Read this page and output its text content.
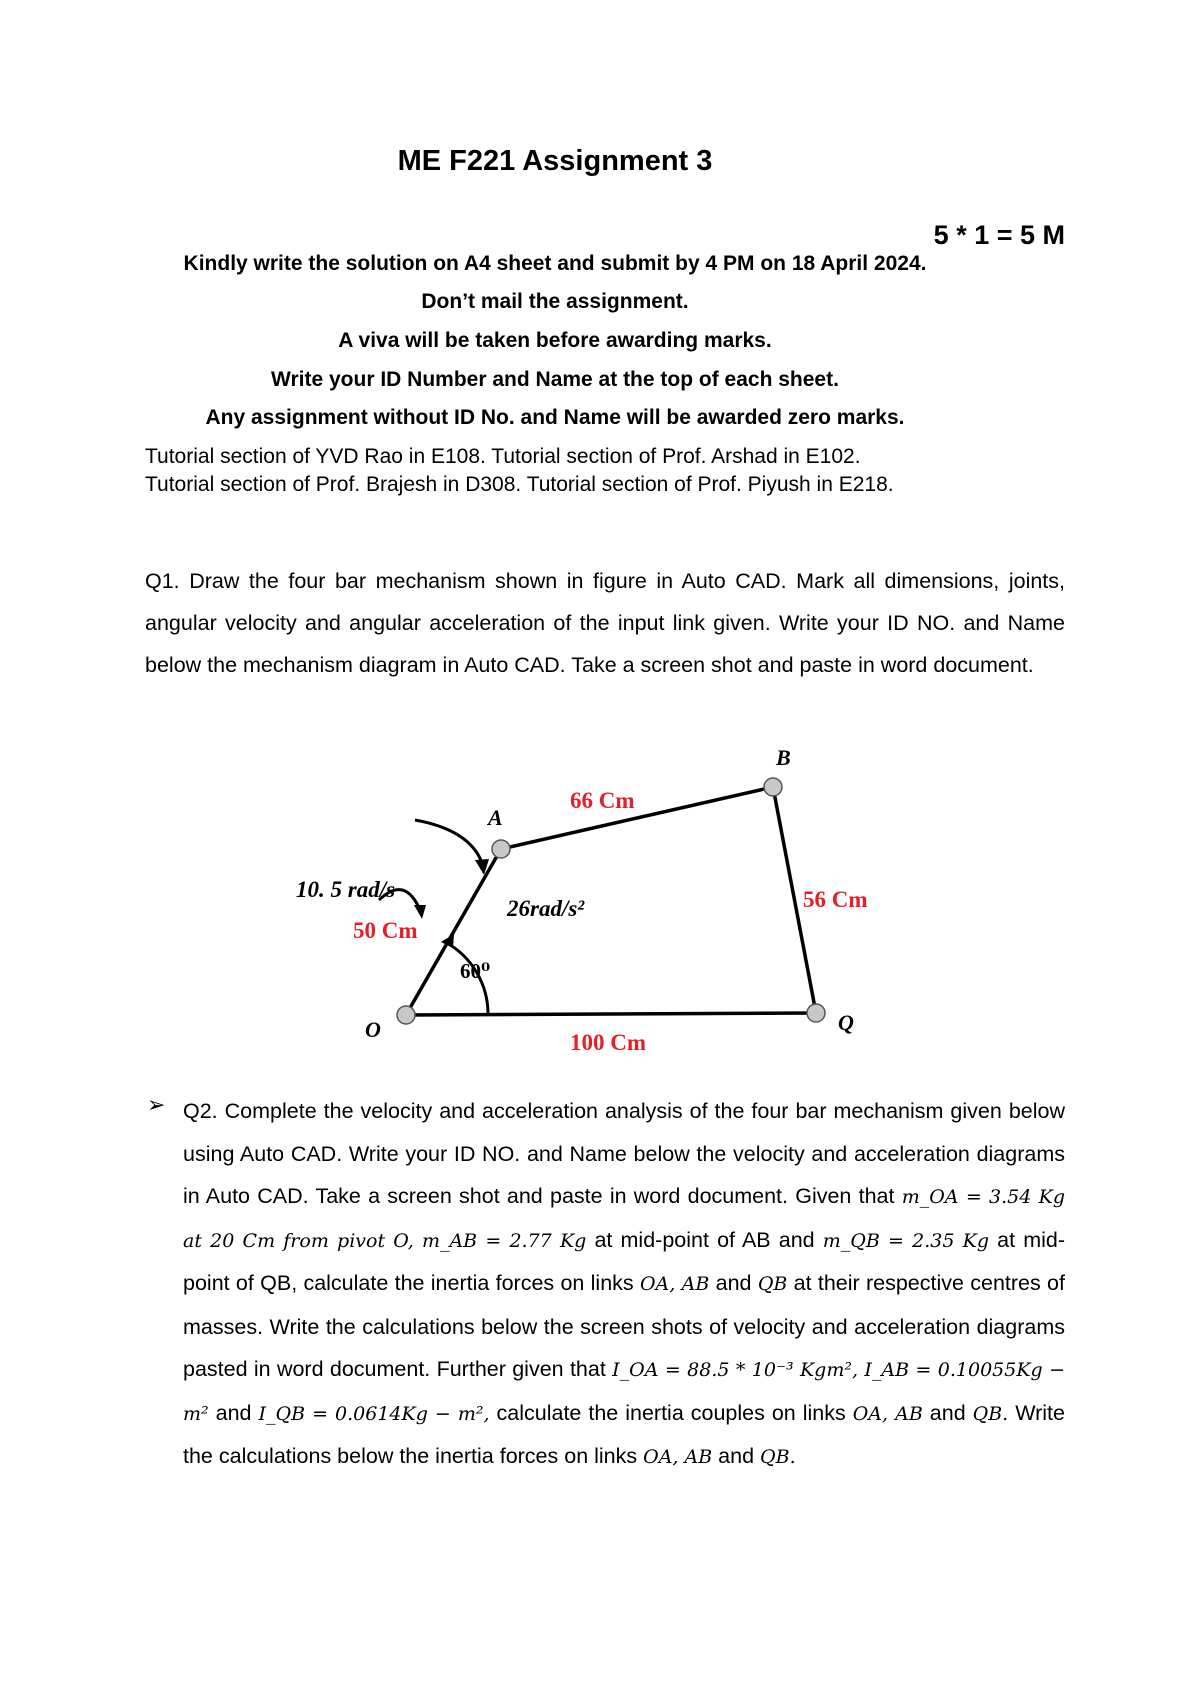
ME F221 Assignment 3
5 * 1 = 5 M
Kindly write the solution on A4 sheet and submit by 4 PM on 18 April 2024.
Don’t mail the assignment.
A viva will be taken before awarding marks.
Write your ID Number and Name at the top of each sheet.
Any assignment without ID No. and Name will be awarded zero marks.
Tutorial section of YVD Rao in E108. Tutorial section of Prof. Arshad in E102.
Tutorial section of Prof. Brajesh in D308. Tutorial section of Prof. Piyush in E218.
Q1. Draw the four bar mechanism shown in figure in Auto CAD. Mark all dimensions, joints, angular velocity and angular acceleration of the input link given. Write your ID NO. and Name below the mechanism diagram in Auto CAD. Take a screen shot and paste in word document.
O
A
B
Q
66 Cm
56 Cm
50 Cm
100 Cm
10. 5 rad/s
26rad/s²
60⁰
➢ Q2. Complete the velocity and acceleration analysis of the four bar mechanism given below using Auto CAD. Write your ID NO. and Name below the velocity and acceleration diagrams in Auto CAD. Take a screen shot and paste in word document. Given that m_OA = 3.54 Kg at 20 Cm from pivot O, m_AB = 2.77 Kg at mid-point of AB and m_QB = 2.35 Kg at mid-point of QB, calculate the inertia forces on links OA, AB and QB at their respective centres of masses. Write the calculations below the screen shots of velocity and acceleration diagrams pasted in word document. Further given that I_OA = 88.5 * 10⁻³ Kgm², I_AB = 0.10055Kg − m² and I_QB = 0.0614Kg − m², calculate the inertia couples on links OA, AB and QB. Write the calculations below the inertia forces on links OA, AB and QB.
